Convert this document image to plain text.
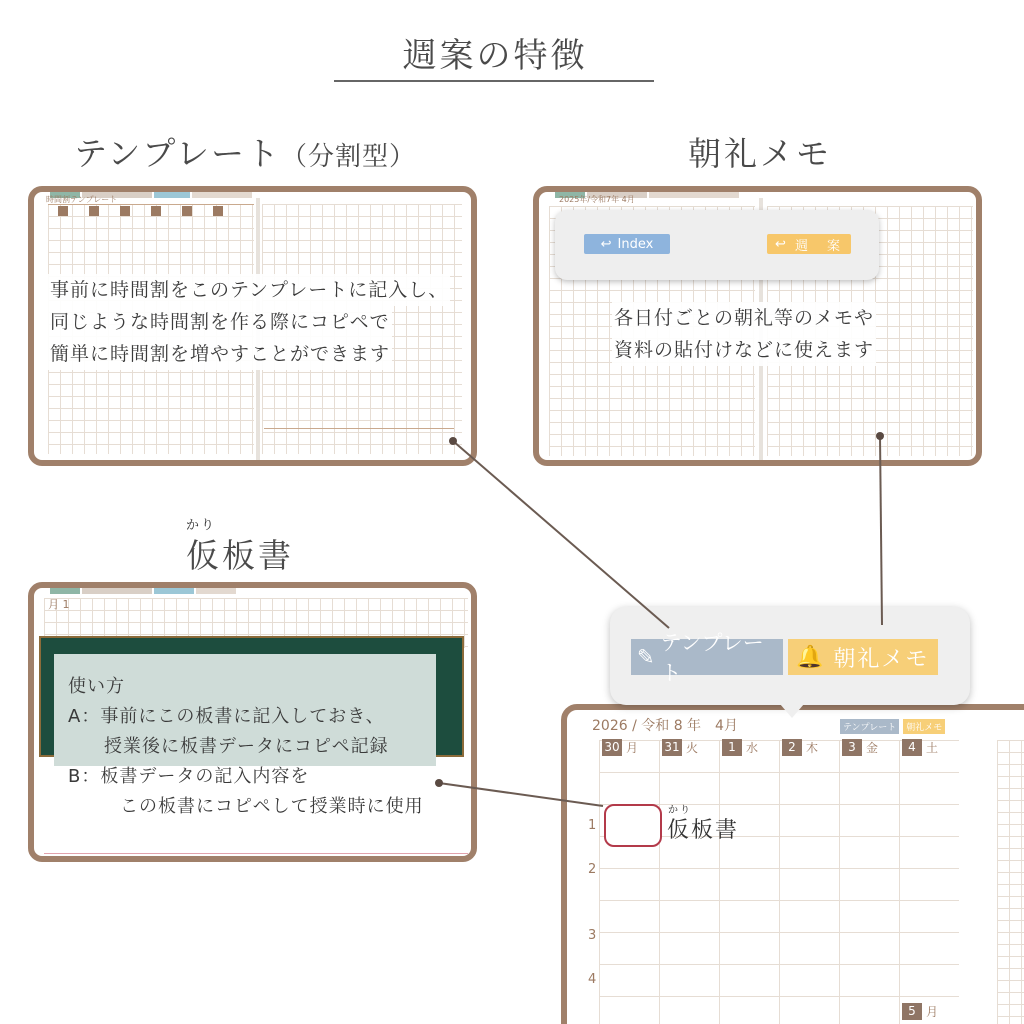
週案の特徴
テンプレート（分割型）	朝礼メモ
かり
仮板書
時間割テンプレート
事前に時間割をこのテンプレートに記入し、
同じような時間割を作る際にコピペで
簡単に時間割を増やすことができます
2025年/令和7年 4月
↩ Index	↩ 週　案
各日付ごとの朝礼等のメモや
資料の貼付けなどに使えます
月 1
使い方
A：事前にこの板書に記入しておき、
授業後に板書データにコピペ記録
B：板書データの記入内容を
この板書にコピペして授業時に使用
2026 / 令和 8 年　4月	テンプレート	朝礼メモ
30 月 31 火	1 水	2 木	3 金	4 土
5 月
1
2
3
4
かり
仮板書
✎
テンプレート
🔔 朝礼メモ
